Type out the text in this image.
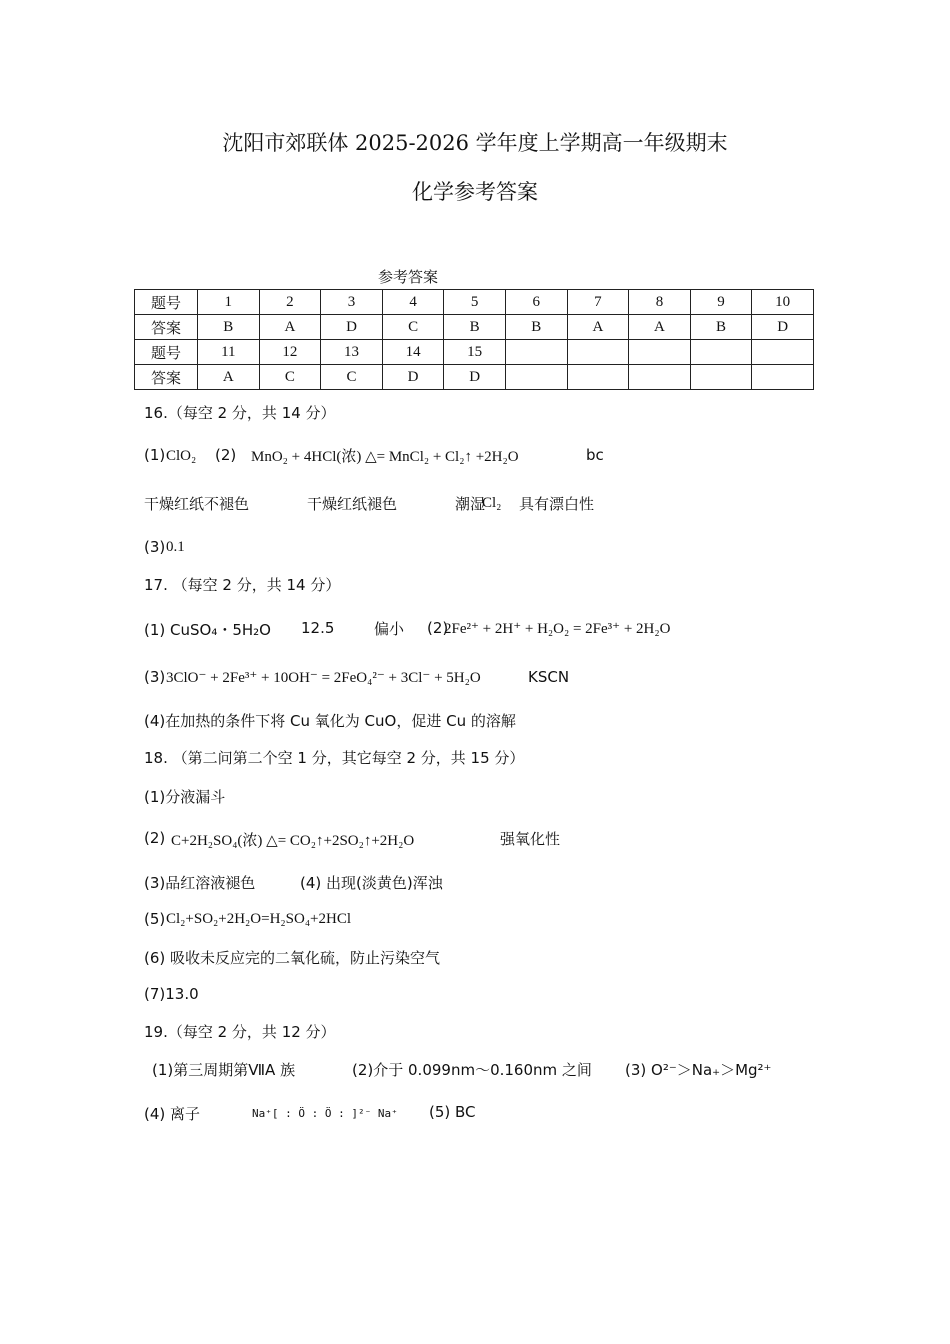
沈阳市郊联体 2025-2026 学年度上学期高一年级期末
化学参考答案
参考答案
题号	1	2	3	4	5	6	7	8	9	10
答案	B	A	D	C	B	B	A	A	B	D
题号	11	12	13	14	15					
答案	A	C	C	D	D					
16.（每空 2 分，共 14 分）
(1) ClO₂ (2) MnO₂ + 4HCl(浓) △= MnCl₂ + Cl₂↑ +2H₂O	bc
干燥红纸不褪色	干燥红纸褪色	潮湿
Cl₂ 具有漂白性
(3) 0.1
17. （每空 2 分，共 14 分）
(1) CuSO₄・5H₂O 12.5	偏小 (2)
2Fe²⁺ + 2H⁺ + H₂O₂ = 2Fe³⁺ + 2H₂O
(3) 3ClO⁻ + 2Fe³⁺ + 10OH⁻ = 2FeO₄²⁻ + 3Cl⁻ + 5H₂O	KSCN
(4)在加热的条件下将 Cu 氧化为 CuO，促进 Cu 的溶解
18. （第二问第二个空 1 分，其它每空 2 分，共 15 分）
(1)分液漏斗
(2) C+2H₂SO₄(浓) △= CO₂↑+2SO₂↑+2H₂O	强氧化性
(3)品红溶液褪色	(4) 出现(淡黄色)浑浊
(5) Cl₂+SO₂+2H₂O=H₂SO₄+2HCl
(6) 吸收未反应完的二氧化硫，防止污染空气
(7)13.0
19.（每空 2 分，共 12 分）
(1)第三周期第ⅦA 族	(2)介于 0.099nm～0.160nm 之间 (3) O²⁻＞Na₊＞Mg²⁺
(4) 离子	Na⁺[ : Ö : Ö : ]²⁻ Na⁺ (5) BC
